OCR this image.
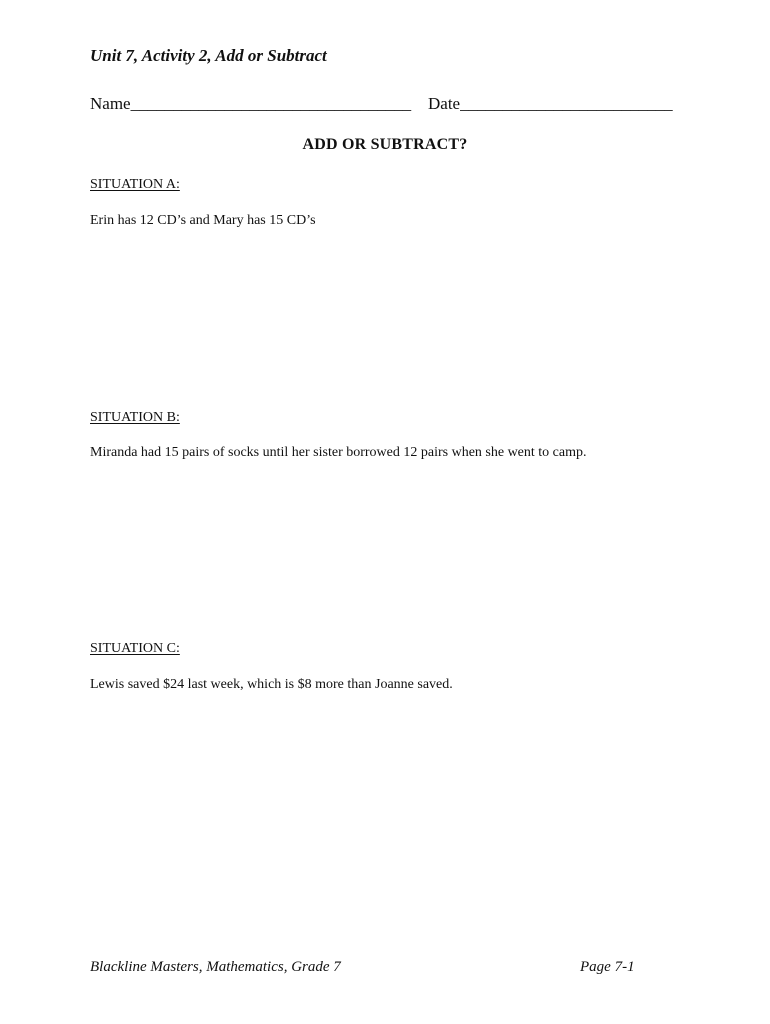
Unit 7, Activity 2, Add or Subtract
Name_________________________________ Date_________________________
ADD OR SUBTRACT?
SITUATION A:
Erin has 12 CD’s and Mary has 15 CD’s
SITUATION B:
Miranda had 15 pairs of socks until her sister borrowed 12 pairs when she went to camp.
SITUATION C:
Lewis saved $24 last week, which is $8 more than Joanne saved.
Blackline Masters, Mathematics, Grade 7	Page 7-1
